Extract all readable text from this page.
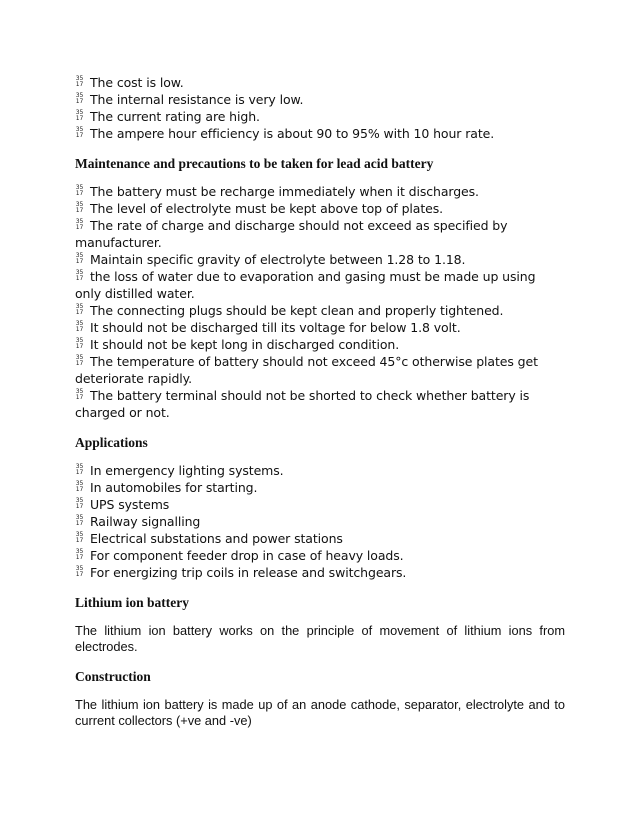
35
17 The cost is low.
35
17 The internal resistance is very low.
35
17 The current rating are high.
35
17 The ampere hour efficiency is about 90 to 95% with 10 hour rate.
Maintenance and precautions to be taken for lead acid battery
35
17 The battery must be recharge immediately when it discharges.
35
17 The level of electrolyte must be kept above top of plates.
35
17 The rate of charge and discharge should not exceed as specified by manufacturer.
35
17 Maintain specific gravity of electrolyte between 1.28 to 1.18.
35
17 the loss of water due to evaporation and gasing must be made up using only distilled water.
35
17 The connecting plugs should be kept clean and properly tightened.
35
17 It should not be discharged till its voltage for below 1.8 volt.
35
17 It should not be kept long in discharged condition.
35
17 The temperature of battery should not exceed 45°c otherwise plates get deteriorate rapidly.
35
17 The battery terminal should not be shorted to check whether battery is charged or not.
Applications
35
17 In emergency lighting systems.
35
17 In automobiles for starting.
35
17 UPS systems
35
17 Railway signalling
35
17 Electrical substations and power stations
35
17 For component feeder drop in case of heavy loads.
35
17 For energizing trip coils in release and switchgears.
Lithium ion battery

The lithium ion battery works on the principle of movement of lithium ions from electrodes.

Construction

The lithium ion battery is made up of an anode cathode, separator, electrolyte and to current collectors (+ve and -ve)
